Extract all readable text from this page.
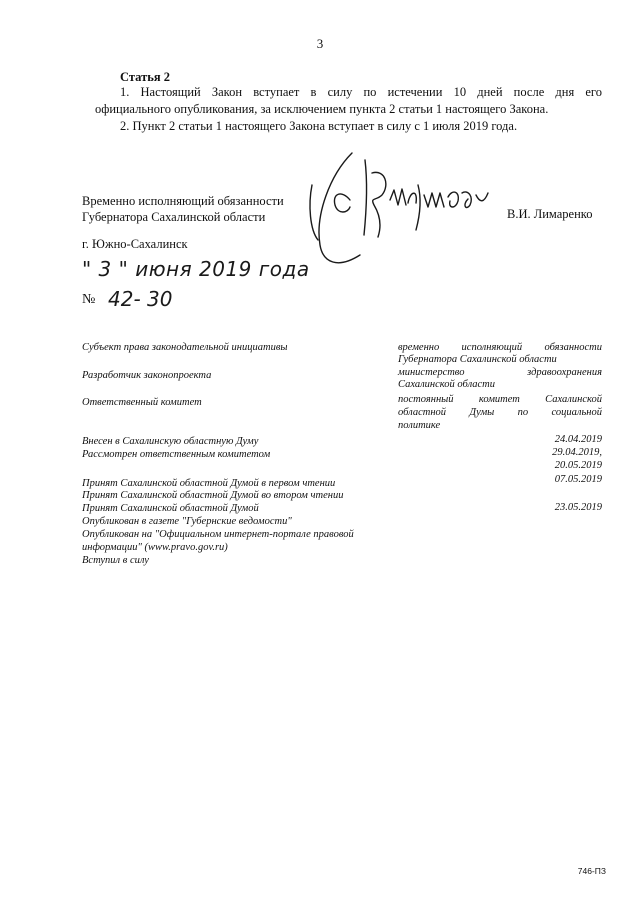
3
Статья 2
1. Настоящий Закон вступает в силу по истечении 10 дней после дня его
официального опубликования, за исключением пункта 2 статьи 1 настоящего Закона.
2. Пункт 2 статьи 1 настоящего Закона вступает в силу с 1 июля 2019 года.
Временно исполняющий обязанности
Губернатора Сахалинской области	В.И. Лимаренко
г. Южно-Сахалинск
" 3 " июня 2019 года
№ 42- 30
Субъект права законодательной инициативы
Разработчик законопроекта
Ответственный комитет
Внесен в Сахалинскую областную Думу
Рассмотрен ответственным комитетом
Принят Сахалинской областной Думой в первом чтении
Принят Сахалинской областной Думой во втором чтении
Принят Сахалинской областной Думой
Опубликован в газете "Губернские ведомости"
Опубликован на "Официальном интернет-портале правовой
информации" (www.pravo.gov.ru)
Вступил в силу
временно исполняющий обязанности
Губернатора Сахалинской области
министерство здравоохранения
Сахалинской области
постоянный комитет Сахалинской
областной Думы по социальной
политике
24.04.2019
29.04.2019,
20.05.2019
07.05.2019
23.05.2019
746-ПЗ
